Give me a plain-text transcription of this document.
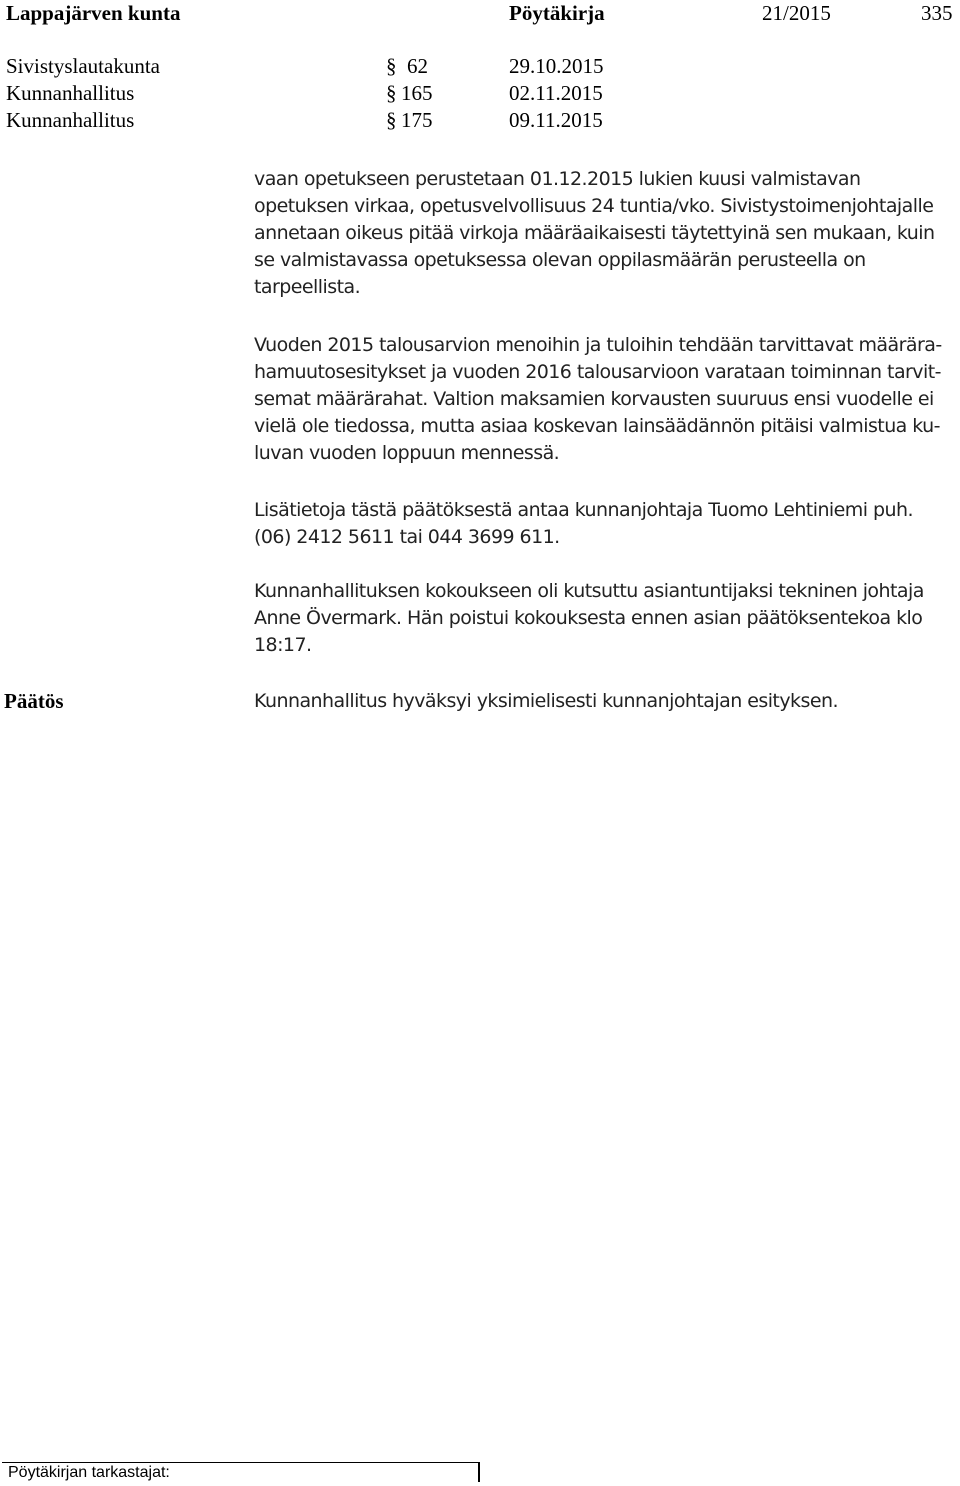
Lappajärven kunta	Pöytäkirja	21/2015	335
Sivistyslautakunta	§ 62	29.10.2015
Kunnanhallitus	§ 165	02.11.2015
Kunnanhallitus	§ 175	09.11.2015
vaan opetukseen perustetaan 01.12.2015 lukien kuusi valmistavan
opetuksen virkaa, opetusvelvollisuus 24 tuntia/vko. Sivistystoimenjohtajalle
annetaan oikeus pitää virkoja määräaikaisesti täytettyinä sen mukaan, kuin
se valmistavassa opetuksessa olevan oppilasmäärän perusteella on
tarpeellista.
Vuoden 2015 talousarvion menoihin ja tuloihin tehdään tarvittavat määrära-
hamuutosesitykset ja vuoden 2016 talousarvioon varataan toiminnan tarvit-
semat määrärahat. Valtion maksamien korvausten suuruus ensi vuodelle ei
vielä ole tiedossa, mutta asiaa koskevan lainsäädännön pitäisi valmistua ku-
luvan vuoden loppuun mennessä.
Lisätietoja tästä päätöksestä antaa kunnanjohtaja Tuomo Lehtiniemi puh.
(06) 2412 5611 tai 044 3699 611.
Kunnanhallituksen kokoukseen oli kutsuttu asiantuntijaksi tekninen johtaja
Anne Övermark. Hän poistui kokouksesta ennen asian päätöksentekoa klo
18:17.
Päätös	Kunnanhallitus hyväksyi yksimielisesti kunnanjohtajan esityksen.
Pöytäkirjan tarkastajat:
